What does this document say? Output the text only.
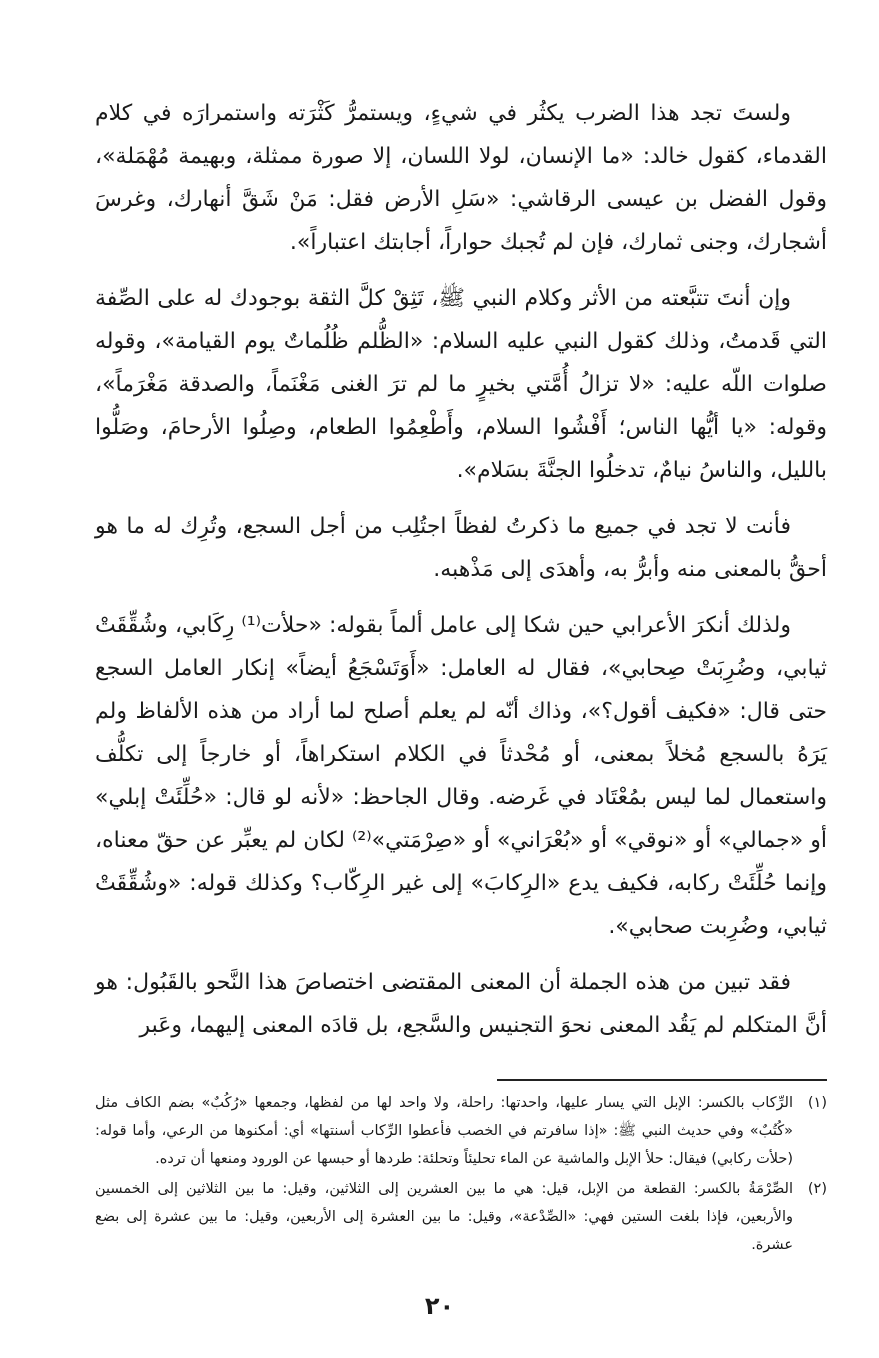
ولستَ تجد هذا الضرب يكثُر في شيءٍ، ويستمرُّ كَثْرَته واستمرارَه في كلام القدماء، كقول خالد: «ما الإنسان، لولا اللسان، إلا صورة ممثلة، وبهيمة مُهْمَلة»، وقول الفضل بن عيسى الرقاشي: «سَلِ الأرض فقل: مَنْ شَقَّ أنهارك، وغرسَ أشجارك، وجنى ثمارك، فإن لم تُجبك حواراً، أجابتك اعتباراً».

وإن أنتَ تتبَّعته من الأثر وكلام النبي ﷺ، تَثِقْ كلَّ الثقة بوجودك له على الصِّفة التي قَدمتُ، وذلك كقول النبي عليه السلام: «الظُّلم ظُلُماتٌ يوم القيامة»، وقوله صلوات اللّه عليه: «لا تزالُ أُمَّتي بخيرٍ ما لم ترَ الغنى مَغْنَماً، والصدقة مَغْرَماً»، وقوله: «يا أيُّها الناس؛ أَفْشُوا السلام، وأَطْعِمُوا الطعام، وصِلُوا الأرحامَ، وصَلُّوا بالليل، والناسُ نيامٌ، تدخلُوا الجنَّةَ بسَلام».

فأنت لا تجد في جميع ما ذكرتُ لفظاً اجتُلِب من أجل السجع، وتُرِك له ما هو أحقُّ بالمعنى منه وأبرُّ به، وأهدَى إلى مَذْهبه.

ولذلك أنكرَ الأعرابي حين شكا إلى عامل ألماً بقوله: «حلأت⁽¹⁾ رِكَابي، وشُقِّقَتْ ثيابي، وضُرِبَتْ صِحابي»، فقال له العامل: «أَوَتَسْجَعُ أيضاً» إنكار العامل السجع حتى قال: «فكيف أقول؟»، وذاك أنّه لم يعلم أصلح لما أراد من هذه الألفاظ ولم يَرَهُ بالسجع مُخلاً بمعنى، أو مُحْدثاً في الكلام استكراهاً، أو خارجاً إلى تكلُّف واستعمال لما ليس بمُعْتَاد في غَرضه. وقال الجاحظ: «لأنه لو قال: «حُلِّئَتْ إبلي» أو «جمالي» أو «نوقي» أو «بُعْرَاني» أو «صِرْمَتي»⁽²⁾ لكان لم يعبِّر عن حقّ معناه، وإنما حُلِّئَتْ ركابه، فكيف يدع «الرِكابَ» إلى غير الرِكّاب؟ وكذلك قوله: «وشُقِّقَتْ ثيابي، وضُرِبت صحابي».

فقد تبين من هذه الجملة أن المعنى المقتضى اختصاصَ هذا النَّحو بالقَبُول: هو أنَّ المتكلم لم يَقُد المعنى نحوَ التجنيس والسَّجع، بل قادَه المعنى إليهما، وعَبر

(١)
الرِّكاب بالكسر: الإبل التي يسار عليها، واحدتها: راحلة، ولا واحد لها من لفظها، وجمعها «رُكُبٌ» بضم الكاف مثل «كُتُبٌ» وفي حديث النبي ﷺ: «إذا سافرتم في الخصب فأعطوا الرِّكاب أسنتها» أي: أمكنوها من الرعي، وأما قوله: (حلأت ركابي) فيقال: حلأ الإبل والماشية عن الماء تحليئاً وتحلئة: طردها أو حبسها عن الورود ومنعها أن ترده.
(٢)
الصِّرْمَةُ بالكسر: القطعة من الإبل، قيل: هي ما بين العشرين إلى الثلاثين، وقيل: ما بين الثلاثين إلى الخمسين والأربعين، فإذا بلغت الستين فهي: «الصِّدْعة»، وقيل: ما بين العشرة إلى الأربعين، وقيل: ما بين عشرة إلى بضع عشرة.
٢٠
